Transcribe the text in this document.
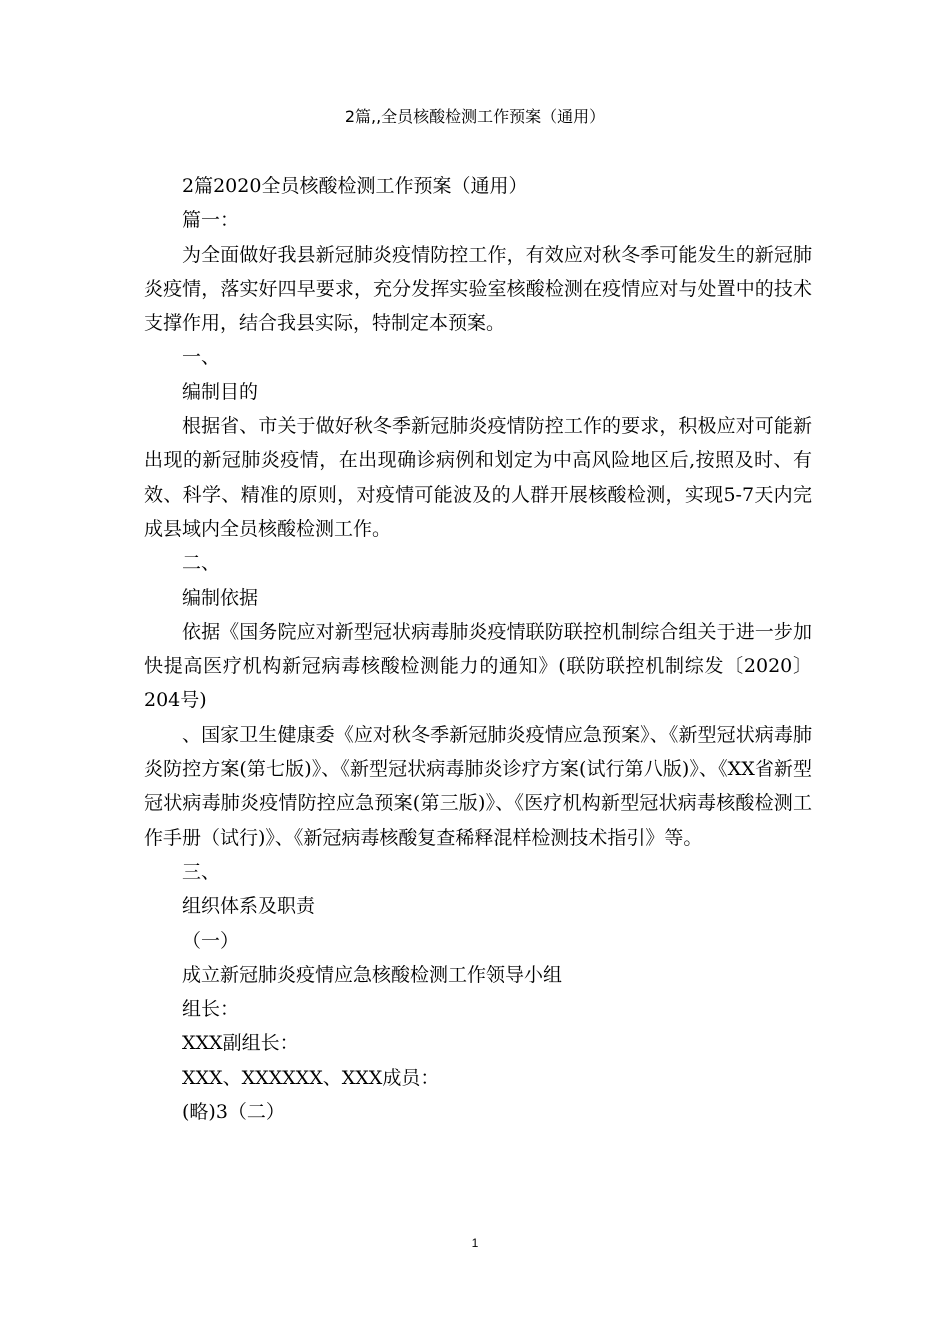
2篇,,全员核酸检测工作预案（通用）

2篇2020全员核酸检测工作预案（通用）

篇一：

为全面做好我县新冠肺炎疫情防控工作，有效应对秋冬季可能发生的新冠肺炎疫情，落实好四早要求，充分发挥实验室核酸检测在疫情应对与处置中的技术支撑作用，结合我县实际，特制定本预案。

一、

编制目的

根据省、市关于做好秋冬季新冠肺炎疫情防控工作的要求，积极应对可能新出现的新冠肺炎疫情，在出现确诊病例和划定为中高风险地区后,按照及时、有效、科学、精准的原则，对疫情可能波及的人群开展核酸检测，实现5-7天内完成县域内全员核酸检测工作。

二、

编制依据

依据《国务院应对新型冠状病毒肺炎疫情联防联控机制综合组关于进一步加快提高医疗机构新冠病毒核酸检测能力的通知》(联防联控机制综发〔2020〕204号)

、国家卫生健康委《应对秋冬季新冠肺炎疫情应急预案》、《新型冠状病毒肺炎防控方案(第七版)》、《新型冠状病毒肺炎诊疗方案(试行第八版)》、《XX省新型冠状病毒肺炎疫情防控应急预案(第三版)》、《医疗机构新型冠状病毒核酸检测工作手册（试行)》、《新冠病毒核酸复查稀释混样检测技术指引》等。

三、

组织体系及职责

（一）

成立新冠肺炎疫情应急核酸检测工作领导小组

组长：

XXX副组长：

XXX、XXXXXX、XXX成员：

(略)3（二）

1
